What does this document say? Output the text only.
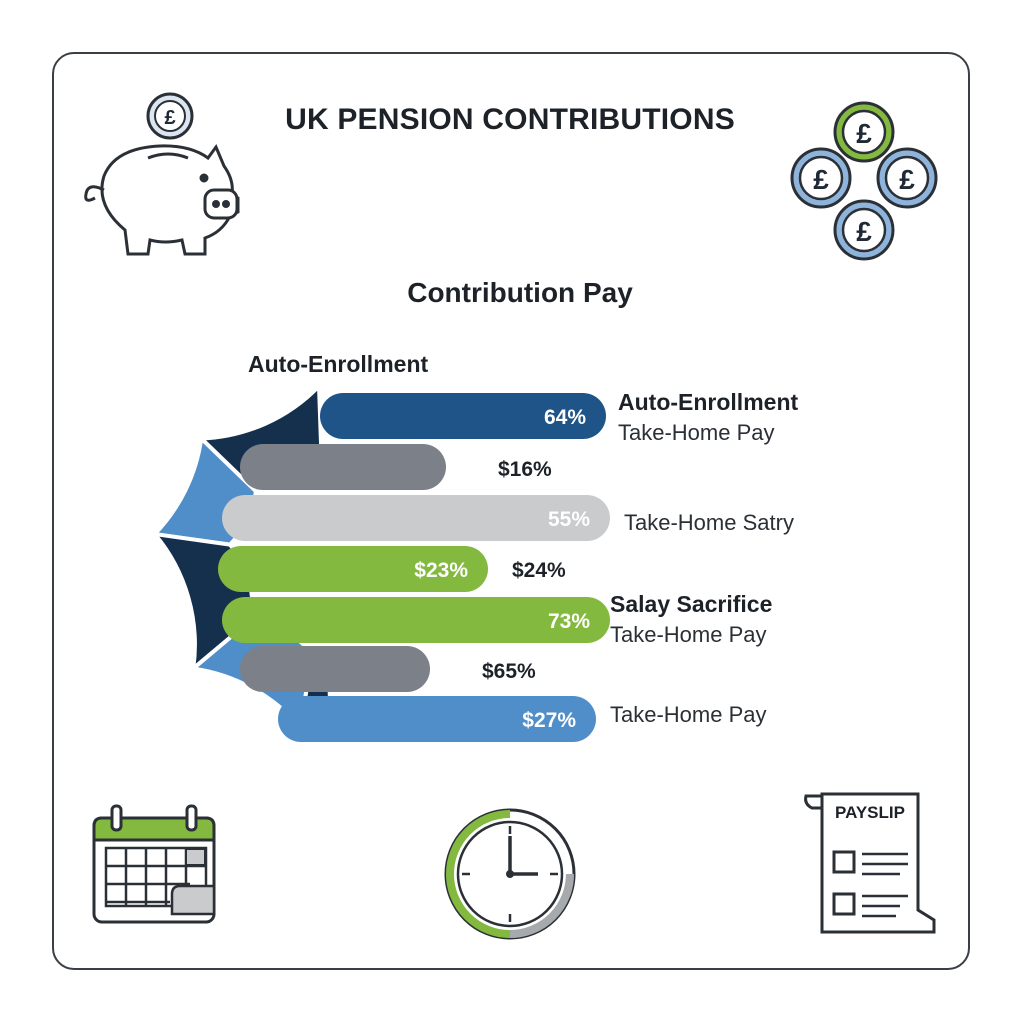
UK PENSION CONTRIBUTIONS
Contribution Pay
64%
$16%
55%
$23%
73%
$65%
$27%
$24%
Auto-Enrollment
Auto-Enrollment
Take-Home Pay
Take-Home Satry
Salay Sacrifice
Take-Home Pay
Take-Home Pay
£	£
£	£
£
PAYSLIP
